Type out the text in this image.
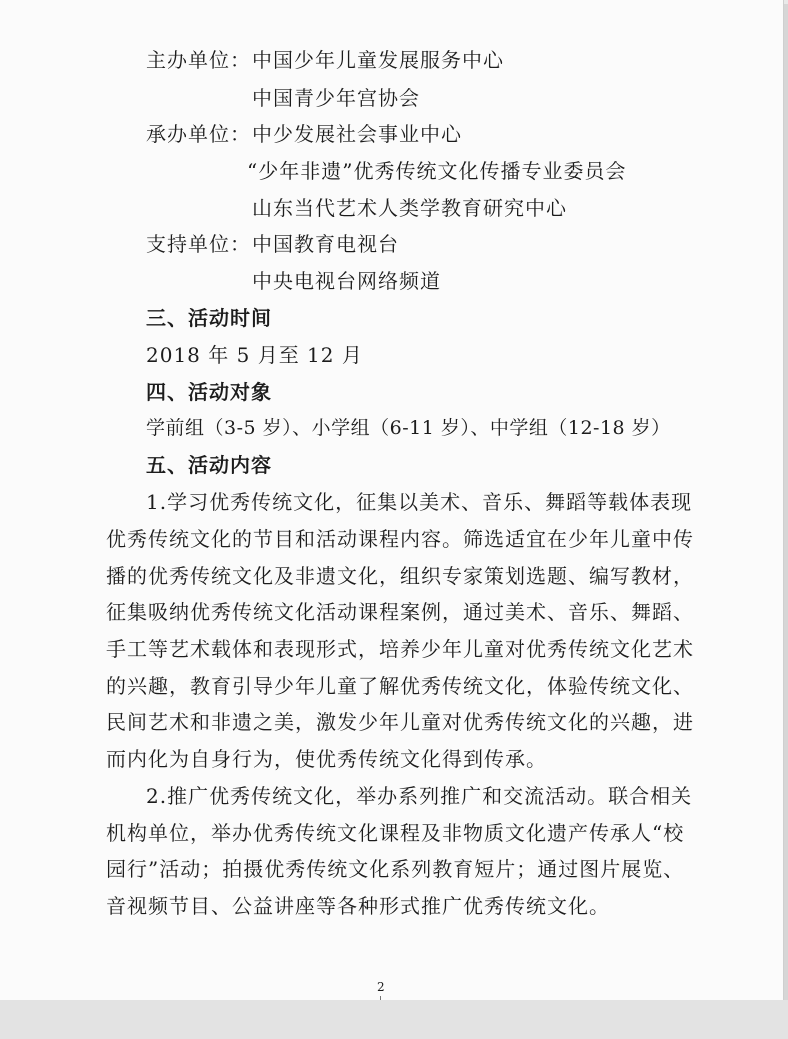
主办单位： 中国少年儿童发展服务中心

中国青少年宫协会

承办单位： 中少发展社会事业中心

“少年非遗”优秀传统文化传播专业委员会

山东当代艺术人类学教育研究中心

支持单位： 中国教育电视台

中央电视台网络频道

三、活动时间

2018 年 5 月至 12 月

四、活动对象

学前组（3-5 岁）、小学组（6-11 岁）、中学组（12-18 岁）

五、活动内容

1.学习优秀传统文化，征集以美术、音乐、舞蹈等载体表现

优秀传统文化的节目和活动课程内容。筛选适宜在少年儿童中传

播的优秀传统文化及非遗文化，组织专家策划选题、编写教材，

征集吸纳优秀传统文化活动课程案例，通过美术、音乐、舞蹈、

手工等艺术载体和表现形式，培养少年儿童对优秀传统文化艺术

的兴趣，教育引导少年儿童了解优秀传统文化，体验传统文化、

民间艺术和非遗之美，激发少年儿童对优秀传统文化的兴趣，进

而内化为自身行为，使优秀传统文化得到传承。

2.推广优秀传统文化，举办系列推广和交流活动。联合相关

机构单位，举办优秀传统文化课程及非物质文化遗产传承人“校

园行”活动；拍摄优秀传统文化系列教育短片；通过图片展览、

音视频节目、公益讲座等各种形式推广优秀传统文化。

2
